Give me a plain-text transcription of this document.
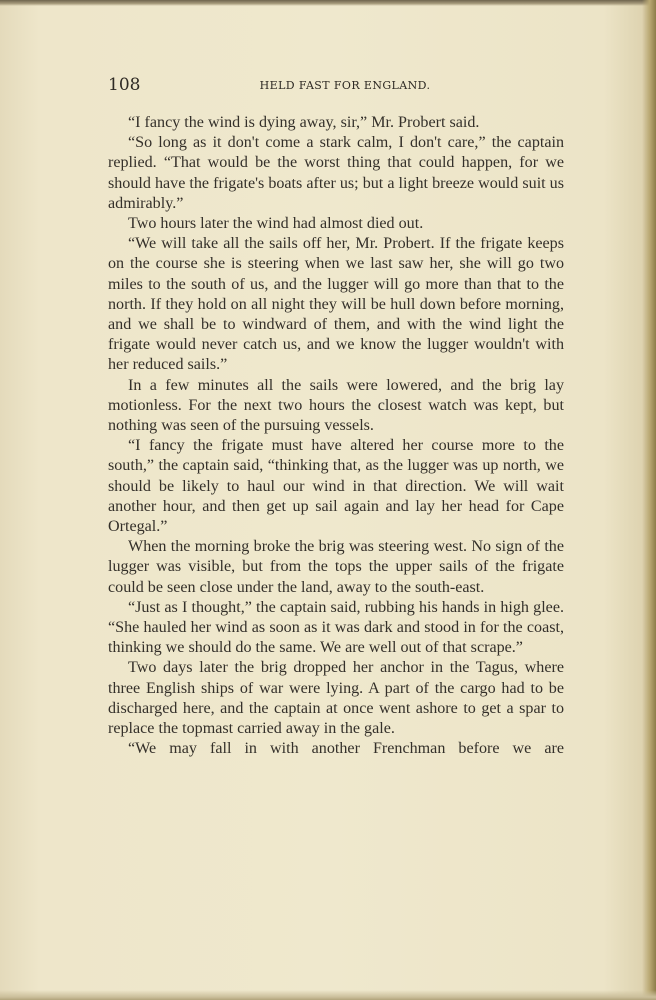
108	HELD FAST FOR ENGLAND.

“I fancy the wind is dying away, sir,” Mr. Probert said.

“So long as it don't come a stark calm, I don't care,” the captain replied. “That would be the worst thing that could happen, for we should have the frigate's boats after us; but a light breeze would suit us admirably.”

Two hours later the wind had almost died out.

“We will take all the sails off her, Mr. Probert. If the frigate keeps on the course she is steering when we last saw her, she will go two miles to the south of us, and the lugger will go more than that to the north. If they hold on all night they will be hull down before morning, and we shall be to windward of them, and with the wind light the frigate would never catch us, and we know the lugger wouldn't with her reduced sails.”

In a few minutes all the sails were lowered, and the brig lay motionless. For the next two hours the closest watch was kept, but nothing was seen of the pursuing vessels.

“I fancy the frigate must have altered her course more to the south,” the captain said, “thinking that, as the lugger was up north, we should be likely to haul our wind in that direction. We will wait another hour, and then get up sail again and lay her head for Cape Ortegal.”

When the morning broke the brig was steering west. No sign of the lugger was visible, but from the tops the upper sails of the frigate could be seen close under the land, away to the south-east.

“Just as I thought,” the captain said, rubbing his hands in high glee. “She hauled her wind as soon as it was dark and stood in for the coast, thinking we should do the same. We are well out of that scrape.”

Two days later the brig dropped her anchor in the Tagus, where three English ships of war were lying. A part of the cargo had to be discharged here, and the captain at once went ashore to get a spar to replace the topmast carried away in the gale.

“We may fall in with another Frenchman before we are
